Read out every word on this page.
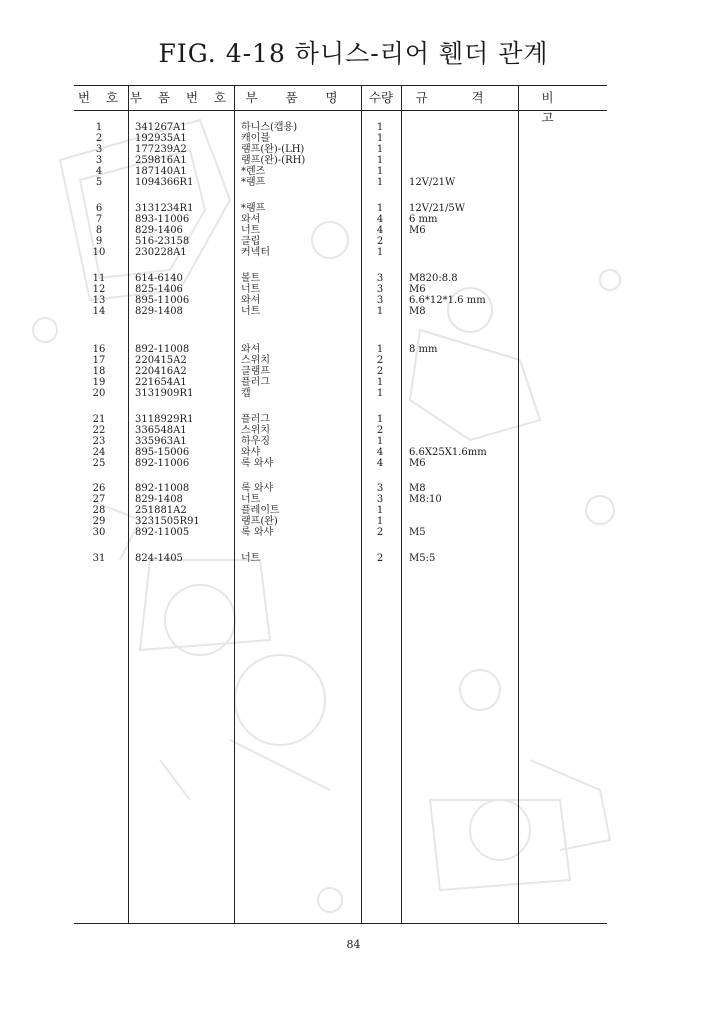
FIG. 4-18 하니스-리어 휀더 관계
번 호 부 품 번 호	부 품 명	수량	규 격	비 고
1	341267A1	하니스(캡용)	1
2	192935A1	캐이블	1
3	177239A2	램프(완)-(LH)	1
3	259816A1	램프(완)-(RH)	1
4	187140A1	*렌즈	1
5	1094366R1	*램프	1	12V/21W
6	3131234R1	*램프	1	12V/21/5W
7	893-11006	와셔	4	6 mm
8	829-1406	너트	4	M6
9	516-23158	클립	2
10	230228A1	커넥터	1
11	614-6140	볼트	3	M820:8.8
12	825-1406	너트	3	M6
13	895-11006	와셔	3	6.6*12*1.6 mm
14	829-1408	너트	1	M8
16	892-11008	와셔	1	8 mm
17	220415A2	스위치	2
18	220416A2	클램프	2
19	221654A1	플러그	1
20	3131909R1	캡	1
21	3118929R1	플러그	1
22	336548A1	스위치	2
23	335963A1	하우징	1
24	895-15006	와샤	4	6.6X25X1.6mm
25	892-11006	록 와샤	4	M6
26	892-11008	록 와샤	3	M8
27	829-1408	너트	3	M8:10
28	251881A2	플레이트	1
29	3231505R91	램프(완)	1
30	892-11005	록 와샤	2	M5
31	824-1405	너트	2	M5:5
84
